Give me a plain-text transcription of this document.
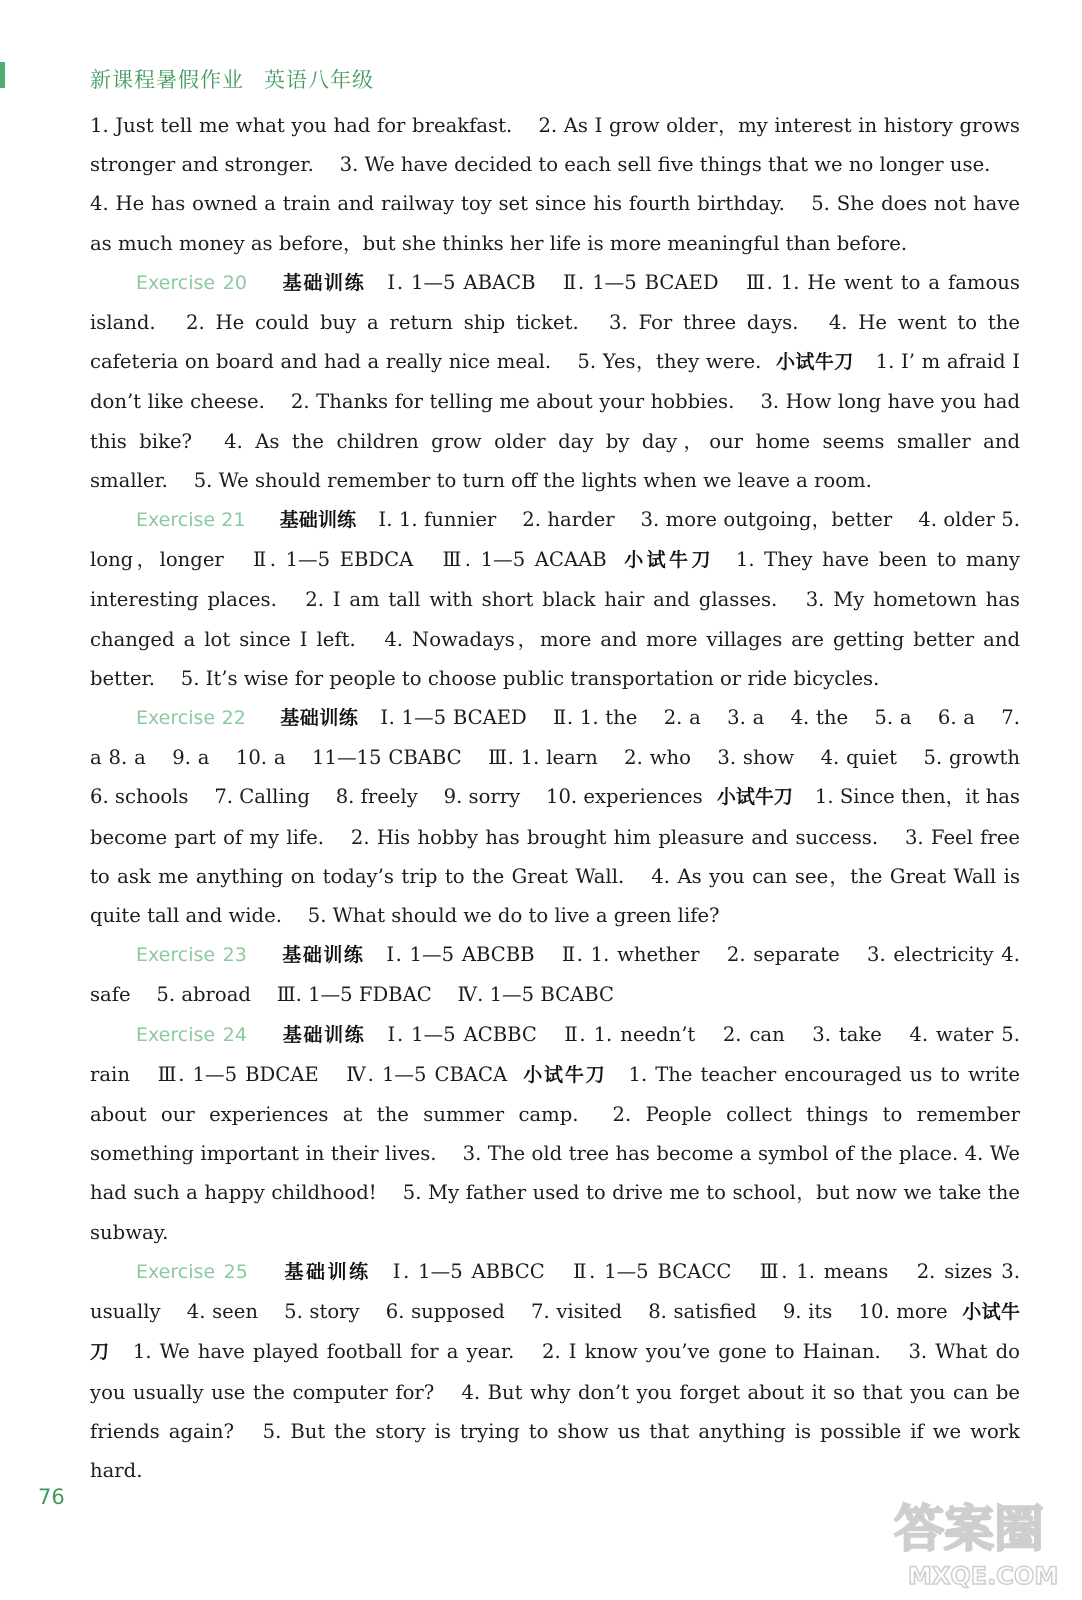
新课程暑假作业 英语八年级

1. Just tell me what you had for breakfast.  2. As I grow older，my interest in history grows stronger and stronger.  3. We have decided to each sell five things that we no longer use.

4. He has owned a train and railway toy set since his fourth birthday.  5. She does not have as much money as before，but she thinks her life is more meaningful than before.

Exercise 20 基础训练 Ⅰ. 1—5 ABACB  Ⅱ. 1—5 BCAED  Ⅲ. 1. He went to a famous island.  2. He could buy a return ship ticket.  3. For three days.  4. He went to the cafeteria on board and had a really nice meal.  5. Yes，they were. 小试牛刀 1. I’ m afraid I don’t like cheese.  2. Thanks for telling me about your hobbies.  3. How long have you had this bike?  4. As the children grow older day by day，our home seems smaller and smaller.  5. We should remember to turn off the lights when we leave a room.

Exercise 21 基础训练 Ⅰ. 1. funnier  2. harder  3. more outgoing，better  4. older 5. long，longer  Ⅱ. 1—5 EBDCA  Ⅲ. 1—5 ACAAB 小试牛刀 1. They have been to many interesting places.  2. I am tall with short black hair and glasses.  3. My hometown has changed a lot since I left.  4. Nowadays，more and more villages are getting better and better.  5. It’s wise for people to choose public transportation or ride bicycles.

Exercise 22 基础训练 Ⅰ. 1—5 BCAED  Ⅱ. 1. the  2. a  3. a  4. the  5. a  6. a  7. a 8. a  9. a  10. a  11—15 CBABC  Ⅲ. 1. learn  2. who  3. show  4. quiet  5. growth 6. schools  7. Calling  8. freely  9. sorry  10. experiences 小试牛刀 1. Since then，it has become part of my life.  2. His hobby has brought him pleasure and success.  3. Feel free to ask me anything on today’s trip to the Great Wall.  4. As you can see，the Great Wall is quite tall and wide.  5. What should we do to live a green life?

Exercise 23 基础训练 Ⅰ. 1—5 ABCBB  Ⅱ. 1. whether  2. separate  3. electricity 4. safe  5. abroad  Ⅲ. 1—5 FDBAC  Ⅳ. 1—5 BCABC

Exercise 24 基础训练 Ⅰ. 1—5 ACBBC  Ⅱ. 1. needn’t  2. can  3. take  4. water 5. rain  Ⅲ. 1—5 BDCAE  Ⅳ. 1—5 CBACA 小试牛刀 1. The teacher encouraged us to write about our experiences at the summer camp.  2. People collect things to remember something important in their lives.  3. The old tree has become a symbol of the place. 4. We had such a happy childhood!  5. My father used to drive me to school，but now we take the subway.

Exercise 25 基础训练 Ⅰ. 1—5 ABBCC  Ⅱ. 1—5 BCACC  Ⅲ. 1. means  2. sizes 3. usually  4. seen  5. story  6. supposed  7. visited  8. satisfied  9. its  10. more 小试牛刀 1. We have played football for a year.  2. I know you’ve gone to Hainan.  3. What do you usually use the computer for?  4. But why don’t you forget about it so that you can be friends again?  5. But the story is trying to show us that anything is possible if we work hard.

76
答案圈
MXQE.COM
